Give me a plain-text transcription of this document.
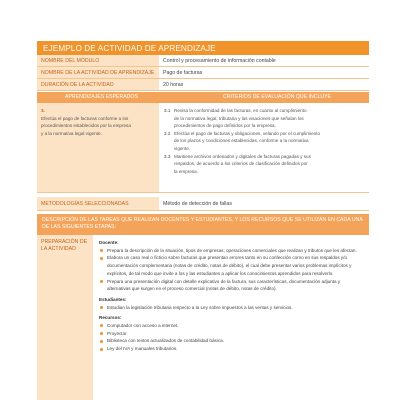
EJEMPLO DE ACTIVIDAD DE APRENDIZAJE
NOMBRE DEL MÓDULO	Control y procesamiento de información contable
NOMBRE DE LA ACTIVIDAD DE APRENDIZAJE	Pago de facturas
DURACIÓN DE LA ACTIVIDAD	20 horas
APRENDIZAJES ESPERADOS	CRITERIOS DE EVALUACIÓN QUE INCLUYE
3.
Efectúa el pago de facturas conforme a los
procedimientos establecidos por la empresa
y a la normativa legal vigente.
3.1 Revisa la conformidad de las facturas, en cuanto al cumplimiento
de la normativa legal, tributaria y las visaciones que señalan los
procedimientos de pago definidos por la empresa.
3.2 Efectúa el pago de facturas y obligaciones, velando por el cumplimiento
de los plazos y condiciones establecidas, conforme a la normativa
vigente.
3.3 Mantiene archivos ordenados y digitales de facturas pagadas y sus
respaldos, de acuerdo a los criterios de clasificación definidos por
la empresa.
METODOLOGÍAS SELECCIONADAS	Método de detección de fallas
DESCRIPCIÓN DE LAS TAREAS QUE REALIZAN DOCENTES Y ESTUDIANTES, Y LOS RECURSOS QUE SE UTILIZAN EN CADA UNA DE LAS SIGUIENTES ETAPAS:
PREPARACIÓN DE LA ACTIVIDAD
Docente:
Prepara la descripción de la situación, tipos de empresas, operaciones comerciales que realizan y tributos que les afectan.
Elabora un caso real o ficticio sobre facturas que presentan errores tanto en su confección como en sus respaldos y/o documentación complementaria (notas de crédito, notas de débito), el cual debe presentar varios problemas implícitos y explícitos, de tal modo que invite a los y las estudiantes a aplicar los conocimientos aprendidos para resolverlo.
Prepara una presentación digital con detalle explicativo de la factura, sus características, documentación adjunta y alternativas que surgen en el proceso comercial (notas de débito, notas de crédito).
Estudiantes:
Estudian la legislación tributaria respecto a la Ley sobre impuestos a las ventas y servicios.
Recursos:
Computador con acceso a internet.
Proyector.
Biblioteca con textos actualizados de contabilidad básica.
Ley del IVA y manuales tributarios.
